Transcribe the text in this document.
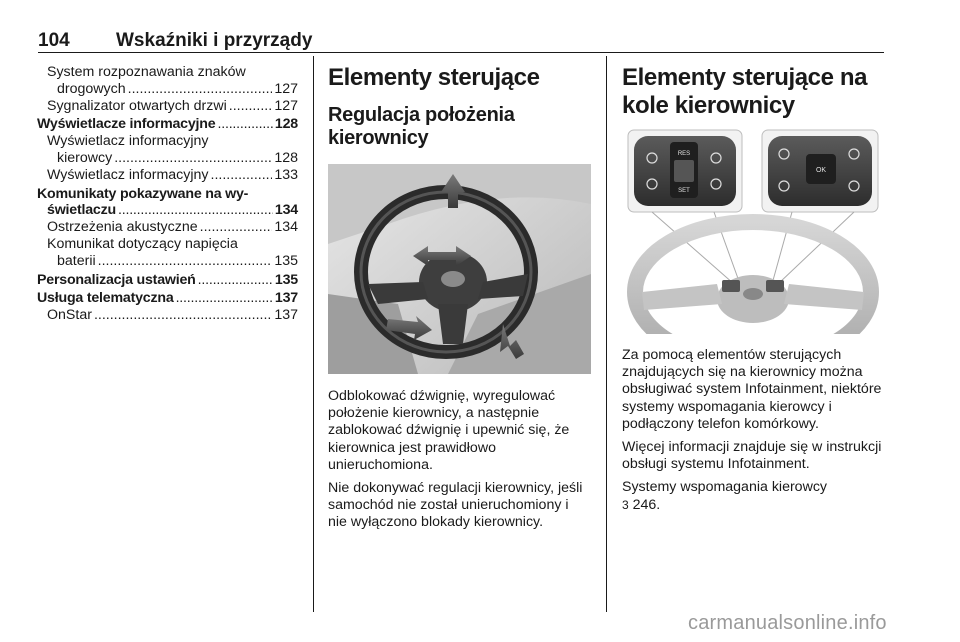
104 Wskaźniki i przyrządy
System rozpoznawania znaków
drogowych .....	127
Sygnalizator otwartych drzwi .....	127
Wyświetlacze informacyjne .....	128
Wyświetlacz informacyjny
kierowcy .....	128
Wyświetlacz informacyjny .....	133
Komunikaty pokazywane na wy-
świetlaczu .....	134
Ostrzeżenia akustyczne .....	134
Komunikat dotyczący napięcia
baterii .....	135
Personalizacja ustawień .....	135
Usługa telematyczna .....	137
OnStar .....	137
Elementy sterujące
Regulacja położenia kierownicy

Odblokować dźwignię, wyregulować położenie kierownicy, a następnie zablokować dźwignię i upewnić się, że kierownica jest prawidłowo unieruchomiona.

Nie dokonywać regulacji kierownicy, jeśli samochód nie został unieruchomiony i nie wyłączono blokady kierownicy.

Elementy sterujące na kole kierownicy
RES
SET
OK

Za pomocą elementów sterujących znajdujących się na kierownicy można obsługiwać system Infotainment, niektóre systemy wspomagania kierowcy i podłączony telefon komórkowy.

Więcej informacji znajduje się w instrukcji obsługi systemu Infotainment.

Systemy wspomagania kierowcy

3 246.

carmanualsonline.info
